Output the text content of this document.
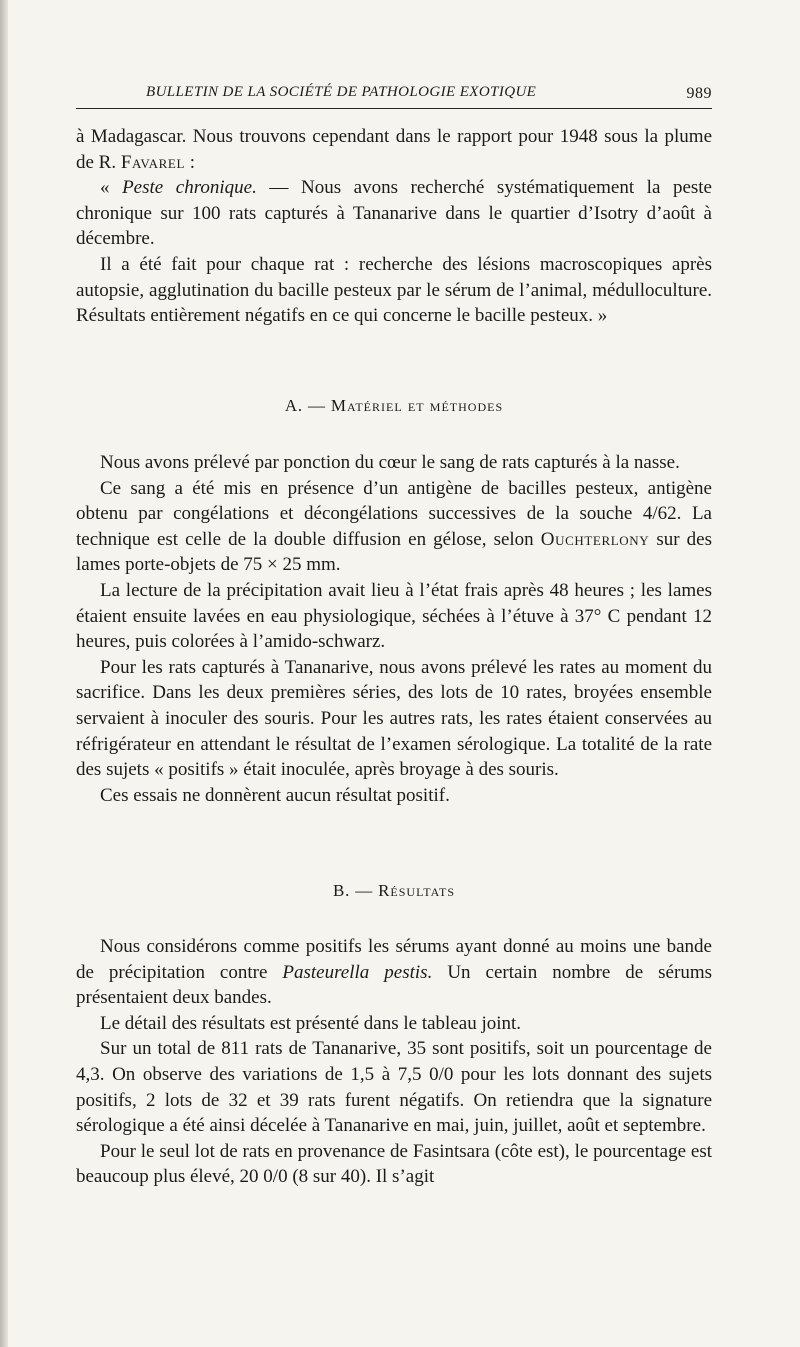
BULLETIN DE LA SOCIÉTÉ DE PATHOLOGIE EXOTIQUE	989

à Madagascar. Nous trouvons cependant dans le rapport pour 1948 sous la plume de R. Favarel :

« Peste chronique. — Nous avons recherché systématiquement la peste chronique sur 100 rats capturés à Tananarive dans le quartier d’Isotry d’août à décembre.

Il a été fait pour chaque rat : recherche des lésions macroscopiques après autopsie, agglutination du bacille pesteux par le sérum de l’animal, médulloculture. Résultats entièrement négatifs en ce qui concerne le bacille pesteux. »

A. — Matériel et méthodes

Nous avons prélevé par ponction du cœur le sang de rats capturés à la nasse.

Ce sang a été mis en présence d’un antigène de bacilles pesteux, antigène obtenu par congélations et décongélations successives de la souche 4/62. La technique est celle de la double diffusion en gélose, selon Ouchterlony sur des lames porte-objets de 75 × 25 mm.

La lecture de la précipitation avait lieu à l’état frais après 48 heures ; les lames étaient ensuite lavées en eau physiologique, séchées à l’étuve à 37° C pendant 12 heures, puis colorées à l’amido-schwarz.

Pour les rats capturés à Tananarive, nous avons prélevé les rates au moment du sacrifice. Dans les deux premières séries, des lots de 10 rates, broyées ensemble servaient à inoculer des souris. Pour les autres rats, les rates étaient conservées au réfrigérateur en attendant le résultat de l’examen sérologique. La totalité de la rate des sujets « positifs » était inoculée, après broyage à des souris.

Ces essais ne donnèrent aucun résultat positif.

B. — Résultats

Nous considérons comme positifs les sérums ayant donné au moins une bande de précipitation contre Pasteurella pestis. Un certain nombre de sérums présentaient deux bandes.

Le détail des résultats est présenté dans le tableau joint.

Sur un total de 811 rats de Tananarive, 35 sont positifs, soit un pourcentage de 4,3. On observe des variations de 1,5 à 7,5 0/0 pour les lots donnant des sujets positifs, 2 lots de 32 et 39 rats furent négatifs. On retiendra que la signature sérologique a été ainsi décelée à Tananarive en mai, juin, juillet, août et septembre.

Pour le seul lot de rats en provenance de Fasintsara (côte est), le pourcentage est beaucoup plus élevé, 20 0/0 (8 sur 40). Il s’agit
